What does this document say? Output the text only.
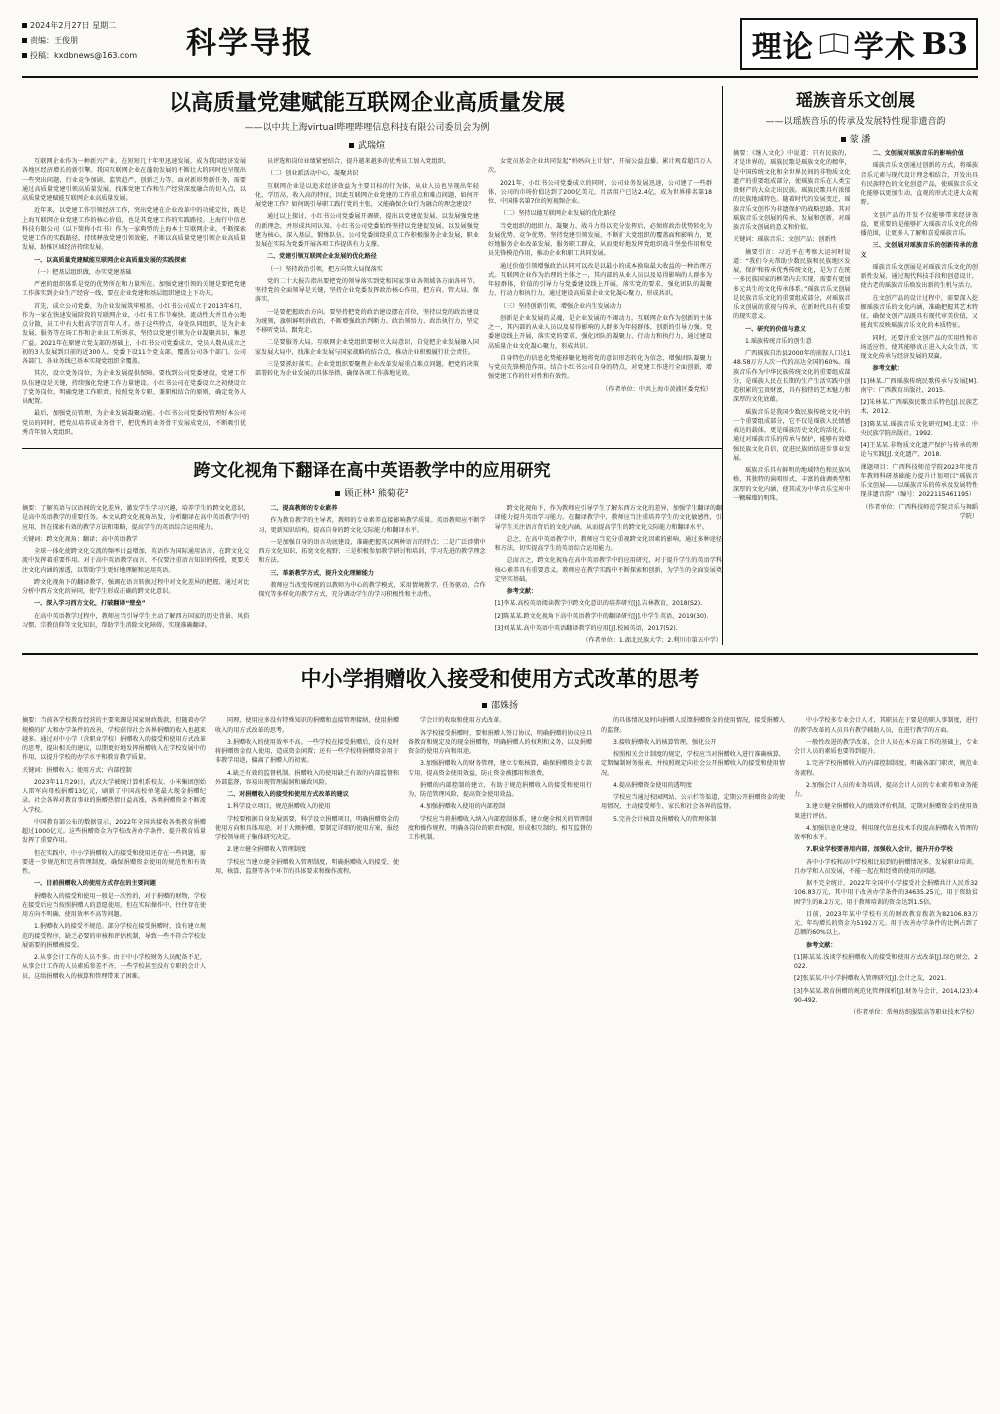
2024年2月27日 星期二
责编：王俊朋
投稿：kxdbnews@163.com	科学导报	理论 学术 B3
以高质量党建赋能互联网企业高质量发展
——以中共上海virtual哔哩哔哩信息科技有限公司委员会为例
武瑞煊

互联网企业作为一种新兴产业，在短短几十年里迅速发展，成为我国经济发展各地区经济增长的新引擎。我国互联网企业在蓬勃发展的不断壮大的同时也呈现出一些突出问题，行业竞争加剧、监管趋严、创新乏力等。面对新形势新任务，需要通过高质量党建引领高质量发展，找准党建工作和生产经营深度融合的切入点，以高质量党建赋能互联网企业高质量发展。

近年来，以党建工作引领经济工作，突出党建在企业改革中的功能定位，既是上海互联网企业党建工作的核心价值，也是其党建工作的实践路径。上海行中信息科技有限公司（以下简称小红书）作为一家典型的上海本土互联网企业，不断探索党建工作的实践路径，持续释放党建引领效能，不断以高质量党建引领企业高质量发展，助推区域经济持续发展。

一、以高质量党建赋能互联网企业高质量发展的实践探索

（一）把基层组织做，办实党建基础

严密的组织体系是党的优势所在和力量所在。加强党建引领的关键是要把党建工作落实到企业生产经营一线，要在企业党建和基层组织建设上下功夫。

首先，成立公司党委，为企业发展筑牢根基。小红书公司成立于2013年6月，作为一家在快速发展阶段的互联网企业，小红书工作节奏快、流动性大并且办公地点分散，员工中有大批高学历青年人才。基于这些特点，身处队同组织，是为企业发展、服务等在场工作和企业员工所诉求，坚持以党建引领为企业凝聚共识，集思广益。2021年在原建立党支部的基础上，小红书公司党委成立，党员人数从成立之初的3人发展到目前的近300人。党委下设11个党支部，覆盖公司各个部门。公司各部门、各业务线已基本实现党组织全覆盖。

其次，设立党务岗位，为企业发展提供保障。要找到公司党委建设，党建工作队伍建设是关键，持续强化党建工作力量建设。小红书公司在党委设立之初便设立了党务岗位，明确党建工作职责，按照党务专职、兼职相结合的原则，确定党务人员配置。

最后，加强党员管理，为企业发展凝聚动能。小红书公司党委按管理好本公司党员的同时，把党员培养成业务骨干，把优秀的业务骨干发展成党员，不断吸引优秀青年加入党组织。

员评选和岗位业绩紧密结合，提升越来越多的优秀员工加入党组织。

（二）创业派活动中心，凝聚共识

互联网企业是以追求经济效益为主要目标的行为体，从业人员也呈现出年轻化、学历高、收入高的特征，因此互联网企业党建的工作重点和难点问题，如何开展党建工作？如何既引导职工践行党的主张，又能确保企业行为融合的理念建设？

通过以上探讨，小红书公司党委展开调研，提出以党建促发展、以发展强党建的新理念，并形成共同认知。小红书公司党委始终坚持以党建促发展、以发展强党建为核心，深入基层，锻炼队伍。公司党委围绕重点工作积极服务企业发展，职业发展在实际为党委开展各项工作提供有力支撑。

二、党建引领互联网企业发展的优化路径

（一）坚持政治引领，把方向管大局保落实

党的二十大报告指出要把党的领导落实到党和国家事业各领域各方面各环节。坚持党的全面领导是关键，坚持企业党委发挥政治核心作用，把方向、管大局、保落实。

一是要把握政治方向。要坚持把党的政治建设摆在首位，坚持以党的政治建设为统领，旗帜鲜明讲政治，不断增强政治判断力、政治领悟力、政治执行力，坚定不移听党话、跟党走。

二是要服务大局。互联网企业党组织要树立大局意识，自觉把企业发展融入国家发展大局中，找准企业发展与国家战略的结合点，推动企业积极履行社会责任。

三是要抓好落实。企业党组织要聚焦企业改革发展重点难点问题，把党的决策部署转化为企业发展的具体举措，确保各项工作落地见效。

女党员基金企业共同发起“妈妈向上计划”，开展公益直播，累计观看超百万人次。

2021年，小红书公司党委成立的同时，公司业务发展迅速，公司建了一些群体，公司的市场价值达到了200亿美元，月活用户已达2.4亿，成为世界排名第18位、中国排名第7位的短视频企业。

（二）坚持以德互联网企业发展的优化路径

当党组织的组织力、凝聚力、战斗力得以充分发挥后，必须将政治优势转化为发展优势、竞争优势。坚持党建引领发展，不断扩大党组织的覆盖面和影响力，更好地服务企业改革发展、服务职工群众，从而更好地发挥党组织战斗堡垒作用和党员先锋模范作用，推动企业和职工共同发展。

通过价值引领增强政治认同可以改是以最小的成本换取最大收益的一种治理方式。互联网企业作为治理的主体之一，其内部的从业人员以及易得影响的人群多为年轻群体，价值的引导力与党委建设线上开展，落实党的要求，强化团队的凝聚力、行动力和执行力，通过建设高质量企业文化凝心聚力，形成共识。

（三）坚持创新引领，增强企业内生发展动力

创新是企业发展的灵魂，是企业发展的不竭动力。互联网企业作为创新的主体之一，其内部的从业人员以及易得影响的人群多为年轻群体，创新的引导力强。党委建设线上开展，落实党的要求，强化团队的凝聚力、行动力和执行力，通过建设高质量企业文化凝心聚力，形成共识。

自身特色的信息化势能移聚化地将党的意识形态转化为信念，增强团队凝聚力与党员先锋模范作用。结合小红书公司自身的特点，对党建工作进行全面创新，增强党建工作的针对性和有效性。

（作者单位：中共上海市黄浦区委党校）
跨文化视角下翻译在高中英语教学中的应用研究
顾正林¹ 熊菊花²

摘要：了解英语与汉语间的文化差异，激发学生学习兴趣，培养学生的跨文化意识，是高中英语教学的重要任务。本文从跨文化视角出发，分析翻译在高中英语教学中的应用，旨在探索有效的教学方法和策略，提高学生的英语综合运用能力。

关键词：跨文化视角；翻译；高中英语教学

全球一体化使跨文化交流的频率日益增加，英语作为国际通用语言，在跨文化交流中发挥着重要作用。对于高中英语教学而言，不仅要注重语言知识的传授，更要关注文化内涵的渗透，以帮助学生更好地理解和运用英语。

跨文化视角下的翻译教学，强调在语言转换过程中对文化差异的把握，通过对比分析中西方文化的异同，使学生形成正确的跨文化意识。

一、深入学习西方文化，打破翻译“壁垒”

在高中英语教学过程中，教师应当引导学生主动了解西方国家的历史背景、风俗习惯、宗教信仰等文化知识，帮助学生消除文化障碍，实现准确翻译。

二、提高教师的专业素养

作为教育教学的主导者，教师的专业素养直接影响教学质量。英语教师应不断学习，更新知识结构，提高自身的跨文化交际能力和翻译水平。

一是加强自身的语言功底建设，准确把握英汉两种语言的特点；二是广泛涉猎中西方文化知识，拓宽文化视野；三是积极参加教学研讨和培训，学习先进的教学理念和方法。

三、革新教学方式，提升文化理解能力

教师应当改变传统的以教师为中心的教学模式，采用情境教学、任务驱动、合作探究等多样化的教学方式，充分调动学生的学习积极性和主动性。

跨文化视角下，作为教师应引导学生了解东西方文化的差异，加强学生翻译的翻译能力提升英语学习能力。在翻译教学中，教师应当注重培养学生的文化敏感性，引导学生关注语言背后的文化内涵，从而提高学生的跨文化交际能力和翻译水平。

总之，在高中英语教学中，教师应当充分重视跨文化因素的影响，通过多种途径和方法，切实提高学生的英语综合运用能力。

总而言之，跨文化视角在高中英语教学中的应用研究，对于提升学生的英语学科核心素养具有重要意义。教师应在教学实践中不断探索和创新，为学生的全面发展奠定坚实基础。

参考文献：

[1]李某.高校英语阅读教学中跨文化意识的培养研究[J].吉林教育，2018(S2).

[2]陈某某.跨文化视角下高中英语教学中的翻译研究[J].中学生英语，2019(30).

[3]刘某某.高中英语中英语翻译教学的应用[J].校园英语，2017(52).

（作者单位：1.湖北民族大学；2.利川市第五中学）
瑶族音乐文创展
——以瑶族音乐的传承及发展特性现非遗音韵
蒙 潘

摘要：《继人文化》中说道：只有民族的，才是世界的。瑶族民歌是瑶族文化的精华，是中国传统文化和全世界民间的非物质文化遗产的重要组成部分，使瑶族音乐在人类宝贵财产的大众走出民族。瑶族民歌具有浓郁的民族地域特色。随着时代的发展变迁，瑶族音乐文创作为非遗保护的战略思路、其对瑶族音乐文创展的传承、发展和创新，对瑶族音乐文创展的意义和价值。

关键词：瑶族音乐；文创产品；创新性

摘要引言：习近平在考察大运河时说道：“我们今天帮助少数民族和民族地区发展，保护和传承优秀传统文化，是为了在统一多民族国家的框架内去实现，需要有更加多元共生的文化传承体系。”瑶族音乐文创展是民族音乐文化的重要组成部分，对瑶族音乐文创展的重视与传承，在新时代具有重要的现实意义。

一、研究的价值与意义

1.瑶族传统音乐的创生意

广西瑶族自治县2000年的前叙人口达148.58万方人次一代的高达全国的60%。瑶族音乐作为中华民族传统文化的重要组成部分，是瑶族人民在长期的生产生活实践中创造积累的宝贵财富，具有独特的艺术魅力和深厚的文化底蕴。

瑶族音乐是我国少数民族传统文化中的一个重要组成部分，它不仅是瑶族人民情感表达的载体，更是瑶族历史文化的活化石。通过对瑶族音乐的传承与保护，能够有效增强民族文化自信，促进民族团结进步事业发展。

瑶族音乐具有鲜明的地域特色和民族风格，其独特的演唱形式、丰富的曲调类型和深厚的文化内涵，使其成为中华音乐宝库中一颗璀璨的明珠。

二、文创展对瑶族音乐的影响价值

瑶族音乐文创通过创新的方式，将瑶族音乐元素与现代设计理念相结合，开发出具有民族特色的文化创意产品，使瑶族音乐文化能够以更加生动、直观的形式走进大众视野。

文创产品的开发不仅能够带来经济效益，更重要的是能够扩大瑶族音乐文化的传播范围，让更多人了解和喜爱瑶族音乐。

三、文创展对瑶族音乐的创新传承的意义

瑶族音乐文创展是对瑶族音乐文化的创新性发展，通过现代科技手段和创意设计，使古老的瑶族音乐焕发出新的生机与活力。

在文创产品的设计过程中，需要深入挖掘瑶族音乐的文化内涵，准确把握其艺术特征，确保文创产品既具有现代审美价值，又能真实反映瑶族音乐文化的本质特征。

同时，还要注重文创产品的实用性和市场适应性，使其能够真正进入大众生活，实现文化传承与经济发展的双赢。

参考文献：

[1]林某.广西瑶族传统民歌传承与发展[M].南宁：广西教育出版社，2015.

[2]朱林某.广西瑶族民歌音乐特色[J].民族艺术，2012.

[3]陈某某.瑶族音乐文化研究[M].北京：中央民族学院出版社，1992.

[4]王某某.非物质文化遗产保护与传承的理论与实践[J].文化遗产，2018.

课题项目：广西科技师范学院2023年度青年教师科研基础能力提升计划项目“瑶族音乐文创展——以瑶族音乐的传承及发展特性现非遗音韵”（编号：2022115461195）

（作者单位：广西科技师范学院音乐与舞蹈学院）
中小学捐赠收入接受和使用方式改革的思考
邵姝扬

摘要：当前各学校教育经营的主要来源是国家财政拨款，但随着办学规模的扩大和办学条件的改善，学校获得社会各界捐赠的收入也越来越多。通过对中小学（含职业学校）捐赠收入的接受和使用方式改革的思考，提出相关的建议，以期更好地发挥捐赠收入在学校发展中的作用，以提升学校的办学水平和教育教学质量。

关键词：捐赠收入；使用方式；内部控制

2023年11月29日，武汉大学被统计算机系校友、小米集团创始人雷军向母校捐赠13亿元，刷新了中国高校单笔最大现金捐赠纪录。社会各界对教育事业的捐赠热情日益高涨，各类捐赠资金不断流入学校。

中国教育部公布的数据显示，2022年全国共接收各类教育捐赠超过1000亿元。这些捐赠资金为学校改善办学条件、提升教育质量发挥了重要作用。

但在实践中，中小学捐赠收入的接受和使用还存在一些问题，需要进一步规范和完善管理制度，确保捐赠资金使用的规范性和有效性。

一、目前捐赠收入的使用方式存在的主要问题

捐赠收入的接受和使用一般是一次性的，对于捐赠的财物，学校在接受后应当按照捐赠人的意愿使用，但在实际操作中，往往存在使用方向不明确、使用效率不高等问题。

1.捐赠收入的接受不规范。部分学校在接受捐赠时，没有建立规范的接受程序，缺乏必要的审核和评估机制，导致一些不符合学校发展需要的捐赠被接受。

2.从事会计工作的人员不多。由于中小学校财务人员配备不足，从事会计工作的人员素质参差不齐，一些学校甚至没有专职的会计人员，这给捐赠收入的核算和管理带来了困难。

同理，使用应多没有特殊知识的捐赠和直接管理接纳，使用捐赠收入的用方式改革的思考。

3.捐赠收入的使用效率不高。一些学校在接受捐赠后，没有及时将捐赠资金投入使用，造成资金闲置；还有一些学校将捐赠资金用于非教学用途，偏离了捐赠人的初衷。

4.缺乏有效的监督机制。捐赠收入的使用缺乏有效的内部监督和外部监督，容易出现管理漏洞和廉政风险。

二、对捐赠收入的接受和使用方式改革的建议

1.科学设立项目，规范捐赠收入的使用

学校要根据自身发展需要，科学设立捐赠项目，明确捐赠资金的使用方向和具体用途。对于大额捐赠，要制定详细的使用方案，报经学校领导班子集体研究决定。

2.建立健全捐赠收入管理制度

学校应当建立健全捐赠收入管理制度，明确捐赠收入的接受、使用、核算、监督等各个环节的具体要求和操作流程。

学会计的收取和使用方式改革。

各学校接受捐赠时，要和捐赠人签订协议，明确捐赠的协议应具备教育和规定及的现金捐赠物，明确捐赠人的权利和义务，以及捐赠资金的使用方向和用途。

3.加强捐赠收入的财务管理，建立专账核算，确保捐赠资金专款专用，提高资金使用效益，防止资金被挪用和浪费。

捐赠的内部控制的建立，有助于规范捐赠收入的接受和使用行为，防范管理风险，提高资金使用效益。

4.加强捐赠收入使用的内部控制

学校应当将捐赠收入纳入内部控制体系，建立健全相关的管理制度和操作规程，明确各岗位的职责权限，形成相互制约、相互监督的工作机制。

的具体情况及时向捐赠人反馈捐赠资金的使用情况，接受捐赠人的监督。

3.接收捐赠收入的核算管理，强化公开

按照相关会计制度的规定，学校应当对捐赠收入进行准确核算，定期编制财务报表，并按照规定向社会公开捐赠收入的接受和使用情况。

4.提高捐赠资金使用的透明度

学校应当通过校园网站、公示栏等渠道，定期公开捐赠资金的使用情况，主动接受师生、家长和社会各界的监督。

5.完善会计核算及捐赠收入的管理体制

中小学校多专业会计人才，其职员在于要是的职人事制度，进行的教学改革的人员具有教学辅助人员，在进行教学的方面。

一般性改进的教学改革，会计人员在本方面工作的基础上，专业会计人员的素质也要得到提升。

1.完善学校捐赠收入的内部控制制度，明确各部门职责，规范业务流程。

2.加强会计人员的业务培训，提高会计人员的专业素养和业务能力。

3.建立健全捐赠收入的绩效评价机制，定期对捐赠资金的使用效果进行评估。

4.加强信息化建设，利用现代信息技术手段提高捐赠收入管理的效率和水平。

7.职业学校要善用内部，加强收入会计，提升开办学校

各中小学校和高中学校相比较到的捐赠情况多，发展职业培训，且办学和人员发展，不能一起在和经费的使用的问题。

据不完全统计，2022年全国中小学接受社会捐赠共计人民币32106.83万元，其中用于改善办学条件的34635.25元，用于资助贫困学生的8.2万元，用于教师培训的资金达到1.5倍。

目前，2023年某中学校有关的财政教育拨款为82106.83万元，年均增长的资金为5192万元。用于改善办学条件的比例占到了总额的60%以上。

参考文献：

[1]陈某某.浅谈学校捐赠收入的接受和使用方式改革[J].绿色财会，2022.

[2]张某某.中小学捐赠收入管理研究[J].会计之友，2021.

[3]李某某.教育捐赠的规范化管理探析[J].财务与会计，2014,(23):490-492.

（作者单位：常州纺织服装高等职业技术学校）
